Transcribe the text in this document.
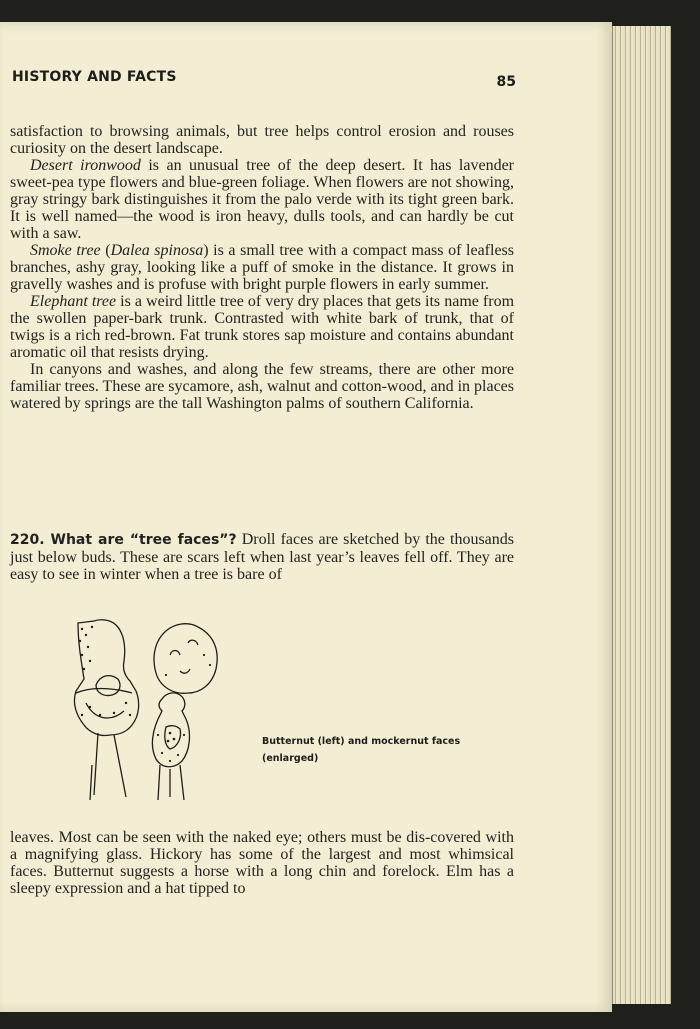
HISTORY AND FACTS	85

satisfaction to browsing animals, but tree helps control erosion and rouses curiosity on the desert landscape.

Desert ironwood is an unusual tree of the deep desert. It has lavender sweet-pea type flowers and blue-green foliage. When flowers are not showing, gray stringy bark distinguishes it from the palo verde with its tight green bark. It is well named—the wood is iron heavy, dulls tools, and can hardly be cut with a saw.

Smoke tree (Dalea spinosa) is a small tree with a compact mass of leafless branches, ashy gray, looking like a puff of smoke in the distance. It grows in gravelly washes and is profuse with bright purple flowers in early summer.

Elephant tree is a weird little tree of very dry places that gets its name from the swollen paper-bark trunk. Contrasted with white bark of trunk, that of twigs is a rich red-brown. Fat trunk stores sap moisture and contains abundant aromatic oil that resists drying.

In canyons and washes, and along the few streams, there are other more familiar trees. These are sycamore, ash, walnut and cotton-wood, and in places watered by springs are the tall Washington palms of southern California.

220. What are “tree faces”? Droll faces are sketched by the thousands just below buds. These are scars left when last year’s leaves fell off. They are easy to see in winter when a tree is bare of

Butternut (left) and mockernut faces (enlarged)

leaves. Most can be seen with the naked eye; others must be dis-covered with a magnifying glass. Hickory has some of the largest and most whimsical faces. Butternut suggests a horse with a long chin and forelock. Elm has a sleepy expression and a hat tipped to
